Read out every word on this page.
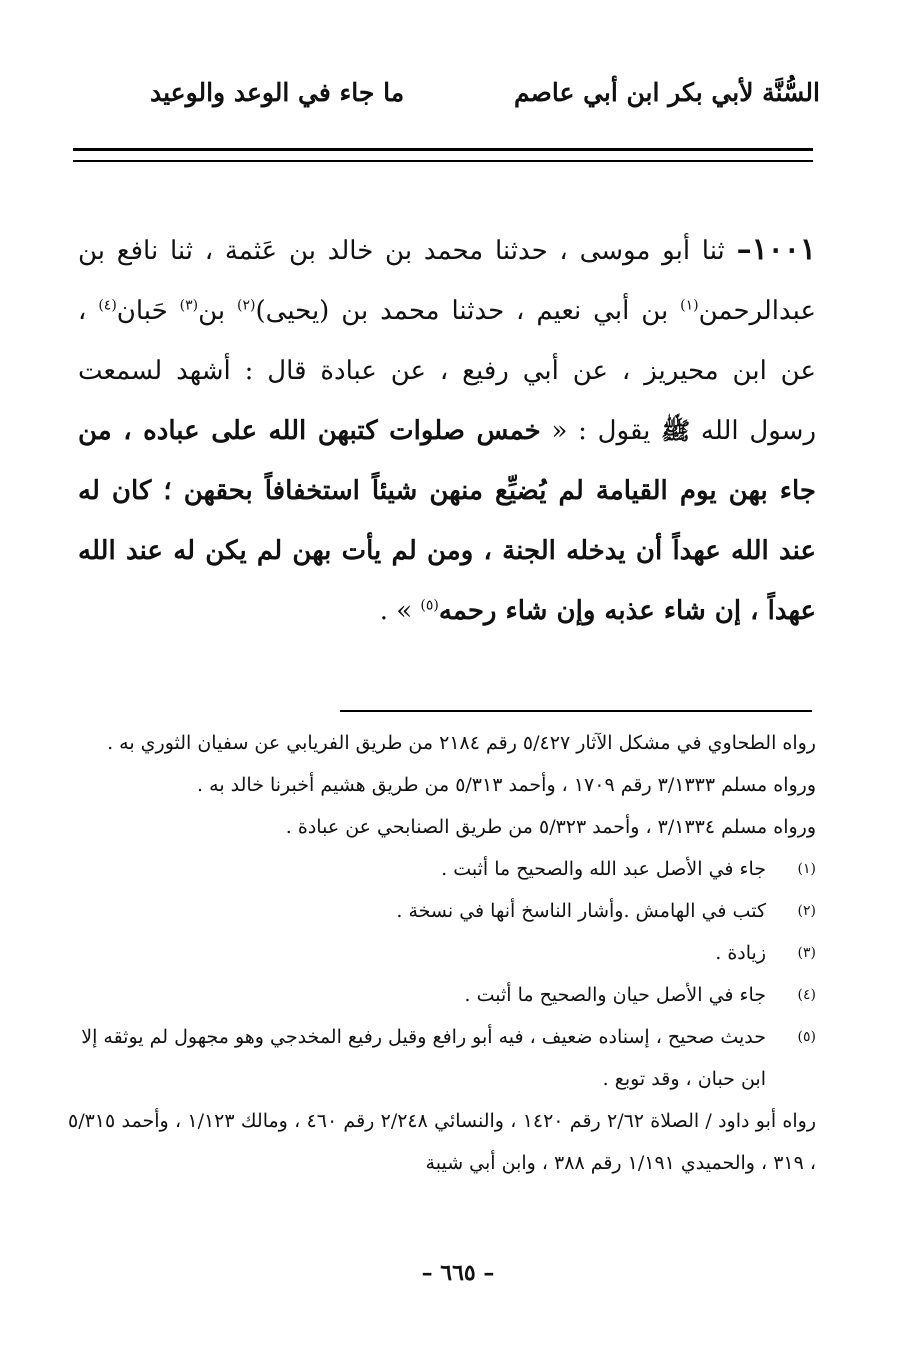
السُّنَّة لأبي بكر ابن أبي عاصم
ما جاء في الوعد والوعيد

١٠٠١– ثنا أبو موسى ، حدثنا محمد بن خالد بن عَثمة ، ثنا نافع بن عبدالرحمن$^{(١)}$ بن أبي نعيم ، حدثنا محمد بن (يحيى)$^{(٢)}$ بن$^{(٣)}$ حَبان$^{(٤)}$ ، عن ابن محيريز ، عن أبي رفيع ، عن عبادة قال : أشهد لسمعت رسول الله ﷺ يقول : « خمس صلوات كتبهن الله على عباده ، من جاء بهن يوم القيامة لم يُضيِّع منهن شيئاً استخفافاً بحقهن ؛ كان له عند الله عهداً أن يدخله الجنة ، ومن لم يأت بهن لم يكن له عند الله عهداً ، إن شاء عذبه وإن شاء رحمه$^{(٥)}$ » .

رواه الطحاوي في مشكل الآثار ٥/٤٢٧ رقم ٢١٨٤ من طريق الفريابي عن سفيان الثوري به .

ورواه مسلم ٣/١٣٣٣ رقم ١٧٠٩ ، وأحمد ٥/٣١٣ من طريق هشيم أخبرنا خالد به .

ورواه مسلم ٣/١٣٣٤ ، وأحمد ٥/٣٢٣ من طريق الصنابحي عن عبادة .

(١)
جاء في الأصل عبد الله والصحيح ما أثبت .
(٢)
كتب في الهامش .وأشار الناسخ أنها في نسخة .
(٣)
زيادة .
(٤)
جاء في الأصل حيان والصحيح ما أثبت .
(٥)
حديث صحيح ، إسناده ضعيف ، فيه أبو رافع وقيل رفيع المخدجي وهو مجهول لم يوثقه إلا ابن حبان ، وقد توبع .

رواه أبو داود / الصلاة ٢/٦٢ رقم ١٤٢٠ ، والنسائي ٢/٢٤٨ رقم ٤٦٠ ، ومالك ١/١٢٣ ، وأحمد ٥/٣١٥ ، ٣١٩ ، والحميدي ١/١٩١ رقم ٣٨٨ ، وابن أبي شيبة

– ٦٦٥ –
